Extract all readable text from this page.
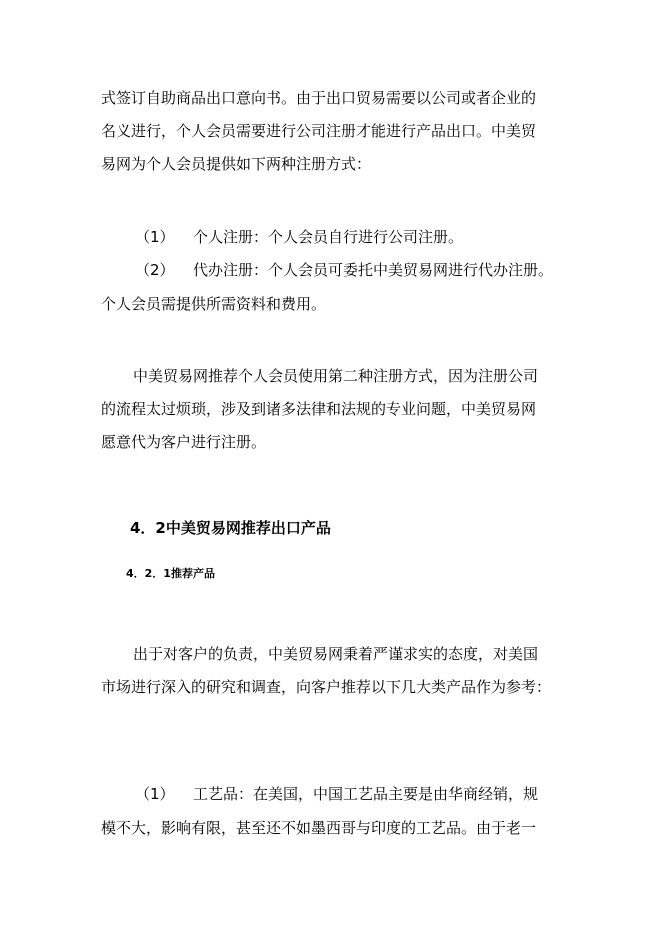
式签订自助商品出口意向书。由于出口贸易需要以公司或者企业的
名义进行，个人会员需要进行公司注册才能进行产品出口。中美贸
易网为个人会员提供如下两种注册方式：
（1） 个人注册：个人会员自行进行公司注册。
（2） 代办注册：个人会员可委托中美贸易网进行代办注册。
个人会员需提供所需资料和费用。
中美贸易网推荐个人会员使用第二种注册方式，因为注册公司
的流程太过烦琐，涉及到诸多法律和法规的专业问题，中美贸易网
愿意代为客户进行注册。
4．2中美贸易网推荐出口产品
4．2．1推荐产品
出于对客户的负责，中美贸易网秉着严谨求实的态度，对美国
市场进行深入的研究和调查，向客户推荐以下几大类产品作为参考：
（1） 工艺品：在美国，中国工艺品主要是由华商经销，规
模不大，影响有限，甚至还不如墨西哥与印度的工艺品。由于老一
